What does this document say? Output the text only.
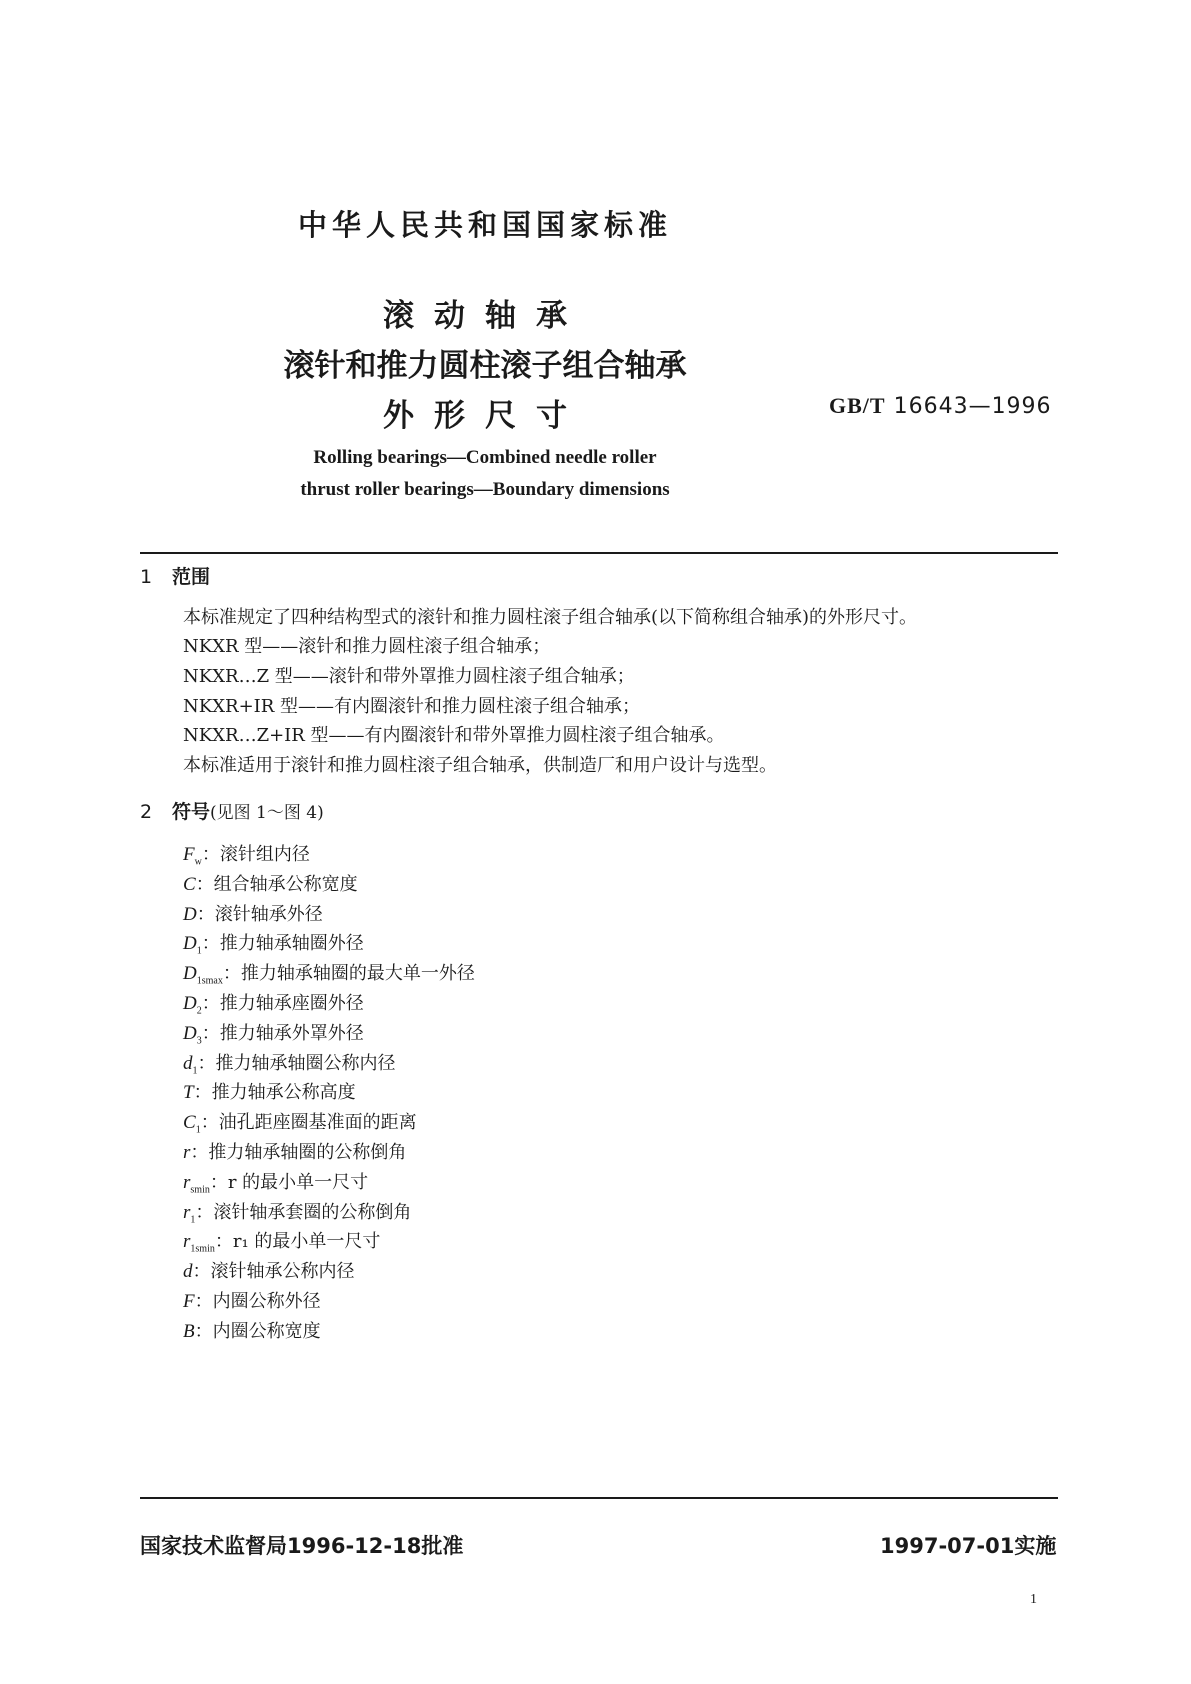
中华人民共和国国家标准
滚动轴承
滚针和推力圆柱滚子组合轴承
外形尺寸	GB/T 16643—1996
Rolling bearings—Combined needle roller
thrust roller bearings—Boundary dimensions
1 范围
本标准规定了四种结构型式的滚针和推力圆柱滚子组合轴承(以下简称组合轴承)的外形尺寸。
NKXR 型——滚针和推力圆柱滚子组合轴承；
NKXR…Z 型——滚针和带外罩推力圆柱滚子组合轴承；
NKXR+IR 型——有内圈滚针和推力圆柱滚子组合轴承；
NKXR…Z+IR 型——有内圈滚针和带外罩推力圆柱滚子组合轴承。
本标准适用于滚针和推力圆柱滚子组合轴承，供制造厂和用户设计与选型。
2 符号(见图 1～图 4)
$F_w$：滚针组内径
C：组合轴承公称宽度
D：滚针轴承外径
$D_1$：推力轴承轴圈外径
$D_{1smax}$：推力轴承轴圈的最大单一外径
$D_2$：推力轴承座圈外径
$D_3$：推力轴承外罩外径
$d_1$：推力轴承轴圈公称内径
T：推力轴承公称高度
$C_1$：油孔距座圈基准面的距离
r：推力轴承轴圈的公称倒角
$r_{smin}$：r 的最小单一尺寸
$r_1$：滚针轴承套圈的公称倒角
$r_{1smin}$：r₁ 的最小单一尺寸
d：滚针轴承公称内径
F：内圈公称外径
B：内圈公称宽度
国家技术监督局1996-12-18批准	1997-07-01实施
1
